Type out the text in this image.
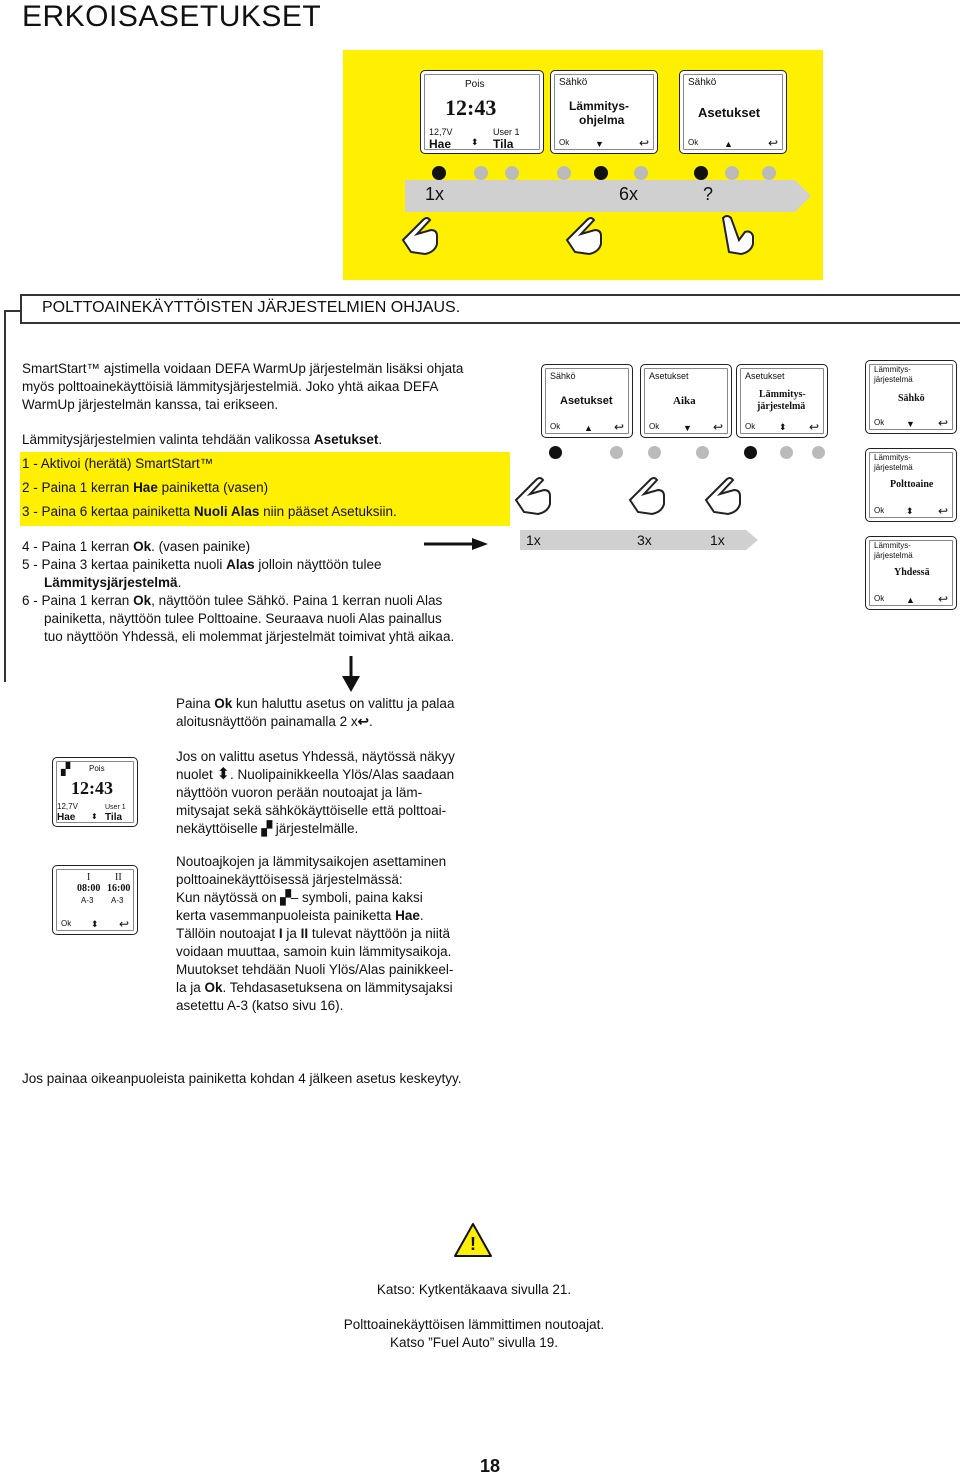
ERKOISASETUKSET
Pois
12:43
12,7V	User 1
Hae ⬍ Tila
Sähkö
Lämmitys-
ohjelma
Ok	▼	↩
Sähkö
Asetukset
Ok	▲	↩
1x	6x	?
POLTTOAINEKÄYTTÖISTEN JÄRJESTELMIEN OHJAUS.
SmartStart™ ajstimella voidaan DEFA WarmUp järjestelmän lisäksi ohjata
myös polttoainekäyttöisiä lämmitysjärjestelmiä. Joko yhtä aikaa DEFA
WarmUp järjestelmän kanssa, tai erikseen.
Lämmitysjärjestelmien valinta tehdään valikossa Asetukset.
1 - Aktivoi (herätä) SmartStart™
2 - Paina 1 kerran Hae painiketta (vasen)
3 - Paina 6 kertaa painiketta Nuoli Alas niin pääset Asetuksiin.
4 - Paina 1 kerran Ok. (vasen painike)
5 - Paina 3 kertaa painiketta nuoli Alas jolloin näyttöön tulee
Lämmitysjärjestelmä.
6 - Paina 1 kerran Ok, näyttöön tulee Sähkö. Paina 1 kerran nuoli Alas
painiketta, näyttöön tulee Polttoaine. Seuraava nuoli Alas painallus
tuo näyttöön Yhdessä, eli molemmat järjestelmät toimivat yhtä aikaa.
Sähkö
Asetukset
Ok	▲ ↩
Asetukset
Aika
Ok	▼ ↩
Asetukset
Lämmitys-
järjestelmä
Ok	⬍ ↩
Lämmitys-
järjestelmä
Sähkö
Ok ▼ ↩
Lämmitys-
järjestelmä
Polttoaine
Ok ⬍ ↩
Lämmitys-
järjestelmä
Yhdessä
Ok ▲ ↩
1x	3x	1x
Paina Ok kun haluttu asetus on valittu ja palaa
aloitusnäyttöön painamalla 2 x↩.
▞ Pois
12:43
12,7V	User 1
Hae ⬍ Tila
Jos on valittu asetus Yhdessä, näytössä näkyy
nuolet ⬍. Nuolipainikkeella Ylös/Alas saadaan
näyttöön vuoron perään noutoajat ja läm-
mitysajat sekä sähkökäyttöiselle että polttoai-
nekäyttöiselle ▞ järjestelmälle.
I II
08:00 16:00
A-3 A-3
Ok ⬍ ↩
Noutoajkojen ja lämmitysaikojen asettaminen
polttoainekäyttöisessä järjestelmässä:
Kun näytössä on ▞– symboli, paina kaksi
kerta vasemmanpuoleista painiketta Hae.
Tällöin noutoajat I ja II tulevat näyttöön ja niitä
voidaan muuttaa, samoin kuin lämmitysaikoja.
Muutokset tehdään Nuoli Ylös/Alas painikkeel-
la ja Ok. Tehdasasetuksena on lämmitysajaksi
asetettu A-3 (katso sivu 16).
Jos painaa oikeanpuoleista painiketta kohdan 4 jälkeen asetus keskeytyy.
!
Katso: Kytkentäkaava sivulla 21.
Polttoainekäyttöisen lämmittimen noutoajat.
Katso ”Fuel Auto” sivulla 19.
18
